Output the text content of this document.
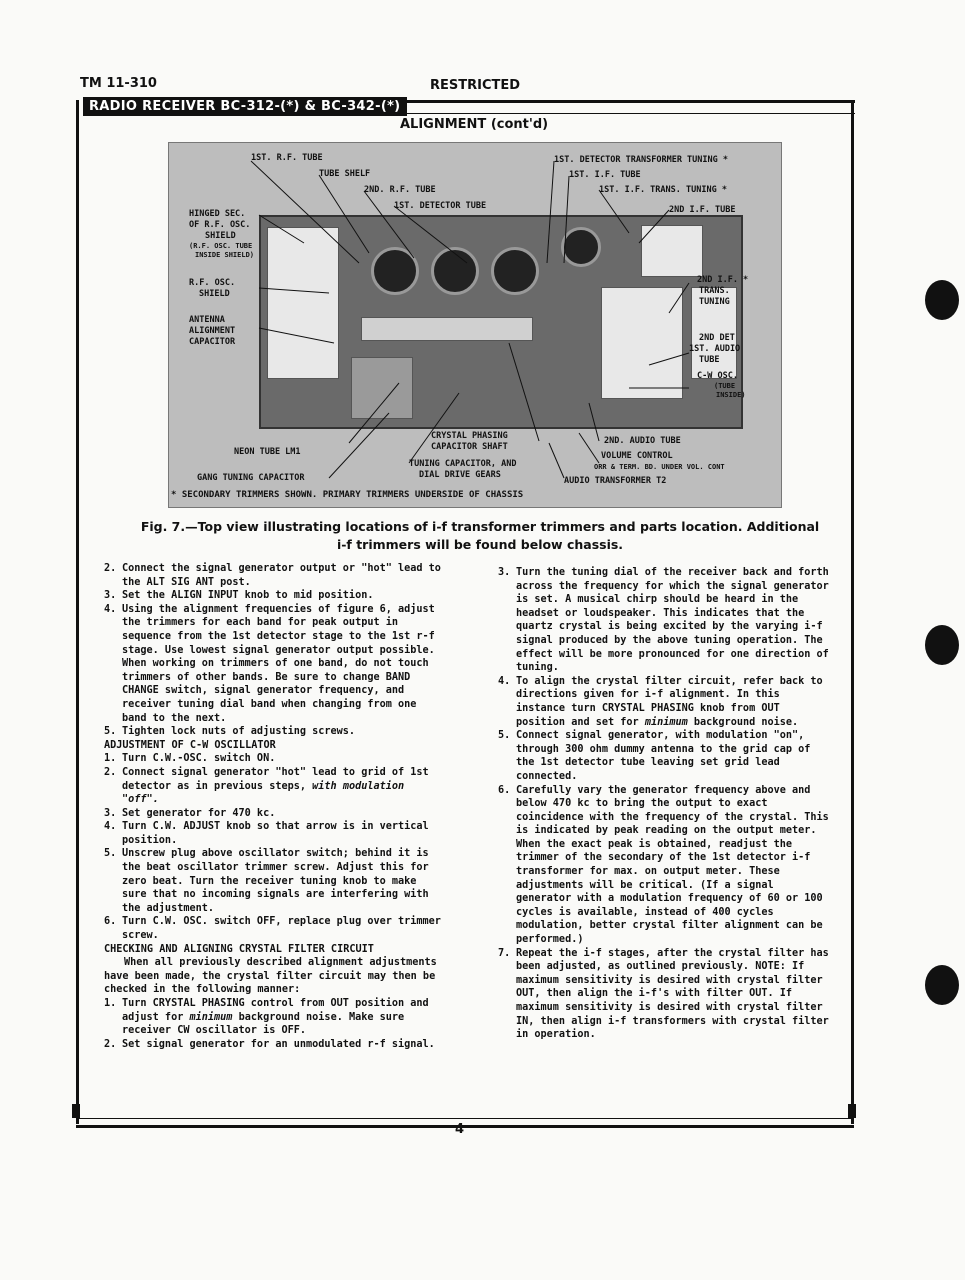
TM 11-310	RESTRICTED
RADIO RECEIVER BC-312-(*) & BC-342-(*)
ALIGNMENT (cont'd)
1ST. R.F. TUBE
TUBE SHELF
2ND. R.F. TUBE
1ST. DETECTOR TUBE
HINGED SEC.
OF R.F. OSC.
SHIELD
(R.F. OSC. TUBE
INSIDE SHIELD)
R.F. OSC.
SHIELD
ANTENNA
ALIGNMENT
CAPACITOR
1ST. DETECTOR TRANSFORMER TUNING *
1ST. I.F. TUBE
1ST. I.F. TRANS. TUNING *
2ND I.F. TUBE
2ND I.F. *
TRANS.
TUNING
2ND DET
1ST. AUDIO
TUBE
C-W OSC.
(TUBE
INSIDE)
NEON TUBE LM1
CRYSTAL PHASING
CAPACITOR SHAFT
2ND. AUDIO TUBE
VOLUME CONTROL
ORR & TERM. BD. UNDER VOL. CONT
GANG TUNING CAPACITOR
TUNING CAPACITOR, AND
DIAL DRIVE GEARS
AUDIO TRANSFORMER T2
* SECONDARY TRIMMERS SHOWN. PRIMARY TRIMMERS UNDERSIDE OF CHASSIS
Fig. 7.—Top view illustrating locations of i-f transformer trimmers and parts location. Additional i-f trimmers will be found below chassis.
2. Connect the signal generator output or "hot" lead to the ALT SIG ANT post.
3. Set the ALIGN INPUT knob to mid position.
4. Using the alignment frequencies of figure 6, adjust the trimmers for each band for peak output in sequence from the 1st detector stage to the 1st r-f stage. Use lowest signal generator output possible. When working on trimmers of one band, do not touch trimmers of other bands. Be sure to change BAND CHANGE switch, signal generator frequency, and receiver tuning dial band when changing from one band to the next.
5. Tighten lock nuts of adjusting screws.

ADJUSTMENT OF C-W OSCILLATOR

1. Turn C.W.-OSC. switch ON.
2. Connect signal generator "hot" lead to grid of 1st detector as in previous steps, with modulation "off".
3. Set generator for 470 kc.
4. Turn C.W. ADJUST knob so that arrow is in vertical position.
5. Unscrew plug above oscillator switch; behind it is the beat oscillator trimmer screw. Adjust this for zero beat. Turn the receiver tuning knob to make sure that no incoming signals are interfering with the adjustment.
6. Turn C.W. OSC. switch OFF, replace plug over trimmer screw.

CHECKING AND ALIGNING CRYSTAL FILTER CIRCUIT

When all previously described alignment adjustments have been made, the crystal filter circuit may then be checked in the following manner:

1. Turn CRYSTAL PHASING control from OUT position and adjust for minimum background noise. Make sure receiver CW oscillator is OFF.
2. Set signal generator for an unmodulated r-f signal.
3. Turn the tuning dial of the receiver back and forth across the frequency for which the signal generator is set. A musical chirp should be heard in the headset or loudspeaker. This indicates that the quartz crystal is being excited by the varying i-f signal produced by the above tuning operation. The effect will be more pronounced for one direction of tuning.
4. To align the crystal filter circuit, refer back to directions given for i-f alignment. In this instance turn CRYSTAL PHASING knob from OUT position and set for minimum background noise.
5. Connect signal generator, with modulation "on", through 300 ohm dummy antenna to the grid cap of the 1st detector tube leaving set grid lead connected.
6. Carefully vary the generator frequency above and below 470 kc to bring the output to exact coincidence with the frequency of the crystal. This is indicated by peak reading on the output meter. When the exact peak is obtained, readjust the trimmer of the secondary of the 1st detector i-f transformer for max. on output meter. These adjustments will be critical. (If a signal generator with a modulation frequency of 60 or 100 cycles is available, instead of 400 cycles modulation, better crystal filter alignment can be performed.)
7. Repeat the i-f stages, after the crystal filter has been adjusted, as outlined previously. NOTE: If maximum sensitivity is desired with crystal filter OUT, then align the i-f's with filter OUT. If maximum sensitivity is desired with crystal filter IN, then align i-f transformers with crystal filter in operation.
4
